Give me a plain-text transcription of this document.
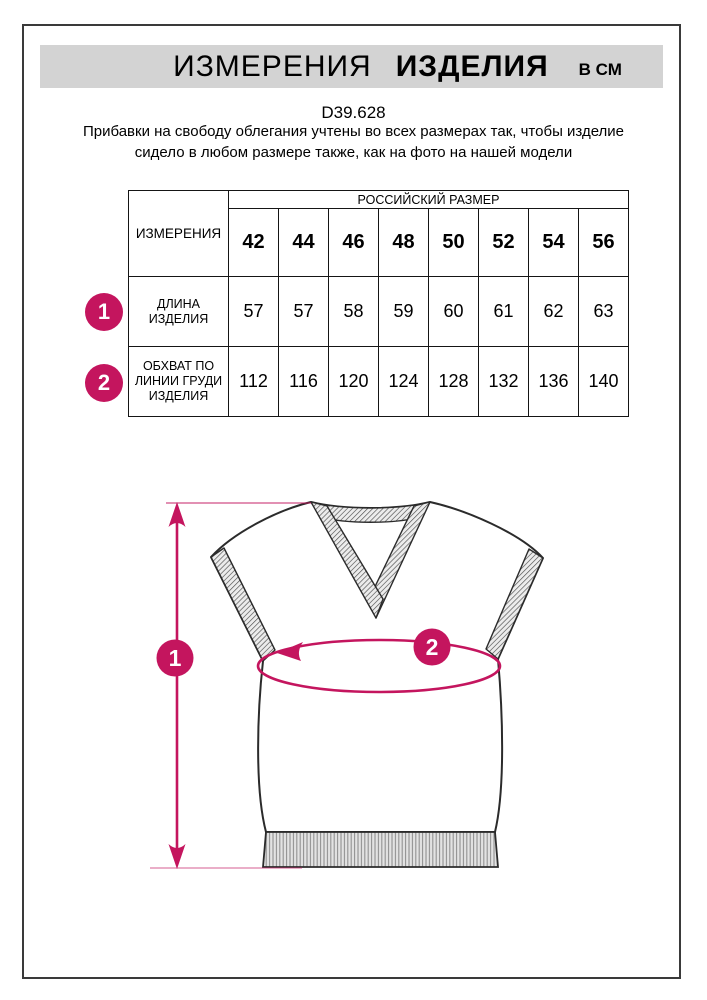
ИЗМЕРЕНИЯ ИЗДЕЛИЯ В СМ
D39.628
Прибавки на свободу облегания учтены во всех размерах так, чтобы изделие сидело в любом размере также, как на фото на нашей модели
ИЗМЕРЕНИЯ	РОССИЙСКИЙ РАЗМЕР							
	42	44	46	48	50	52	54	56
ДЛИНА ИЗДЕЛИЯ	57	57	58	59	60	61	62	63
ОБХВАТ ПО ЛИНИИ ГРУДИ ИЗДЕЛИЯ	112	116	120	124	128	132	136	140
1
2
1	2
